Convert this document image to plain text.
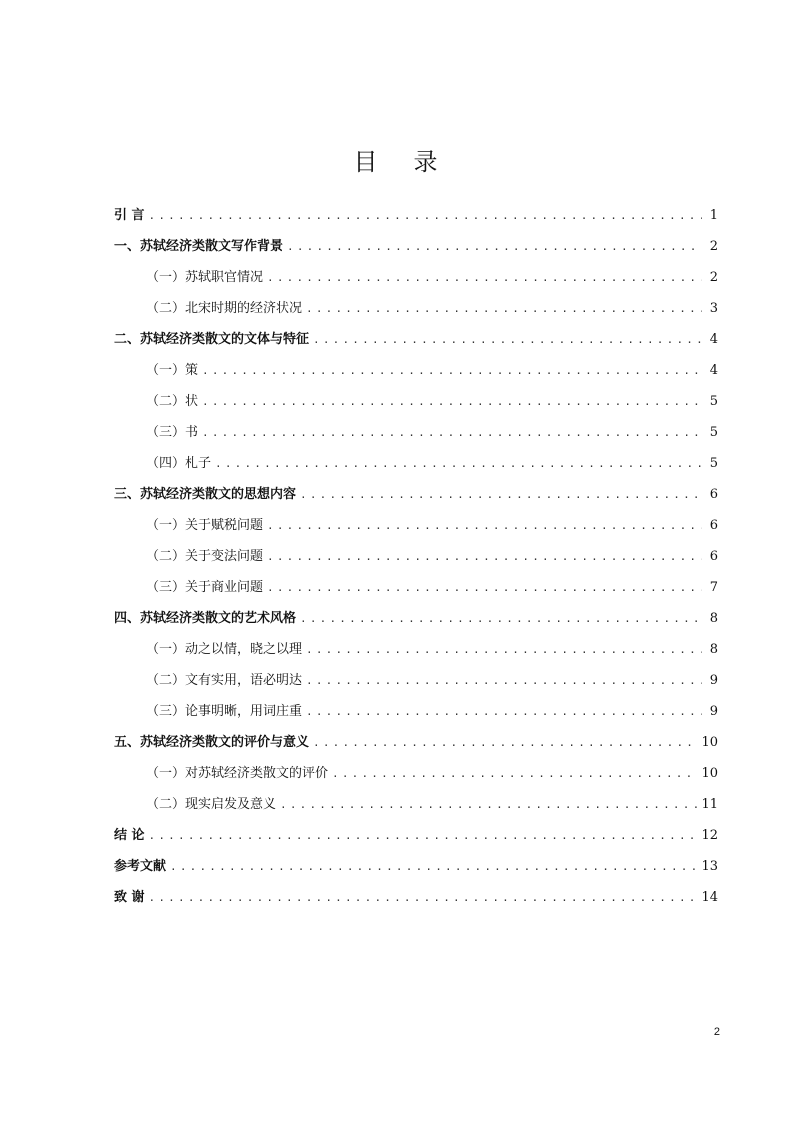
目 录
引 言 .....	1
一、苏轼经济类散文写作背景 .....	2
（一）苏轼职官情况 .....	2
（二）北宋时期的经济状况 .....	3
二、苏轼经济类散文的文体与特征 .....	4
（一）策 .....	4
（二）状 .....	5
（三）书 .....	5
（四）札子 .....	5
三、苏轼经济类散文的思想内容 .....	6
（一）关于赋税问题 .....	6
（二）关于变法问题 .....	6
（三）关于商业问题 .....	7
四、苏轼经济类散文的艺术风格 .....	8
（一）动之以情，晓之以理 .....	8
（二）文有实用，语必明达 .....	9
（三）论事明晰，用词庄重 .....	9
五、苏轼经济类散文的评价与意义 .....	10
（一）对苏轼经济类散文的评价 .....	10
（二）现实启发及意义 .....	11
结 论 .....	12
参考文献 .....	13
致 谢 .....	14
2
